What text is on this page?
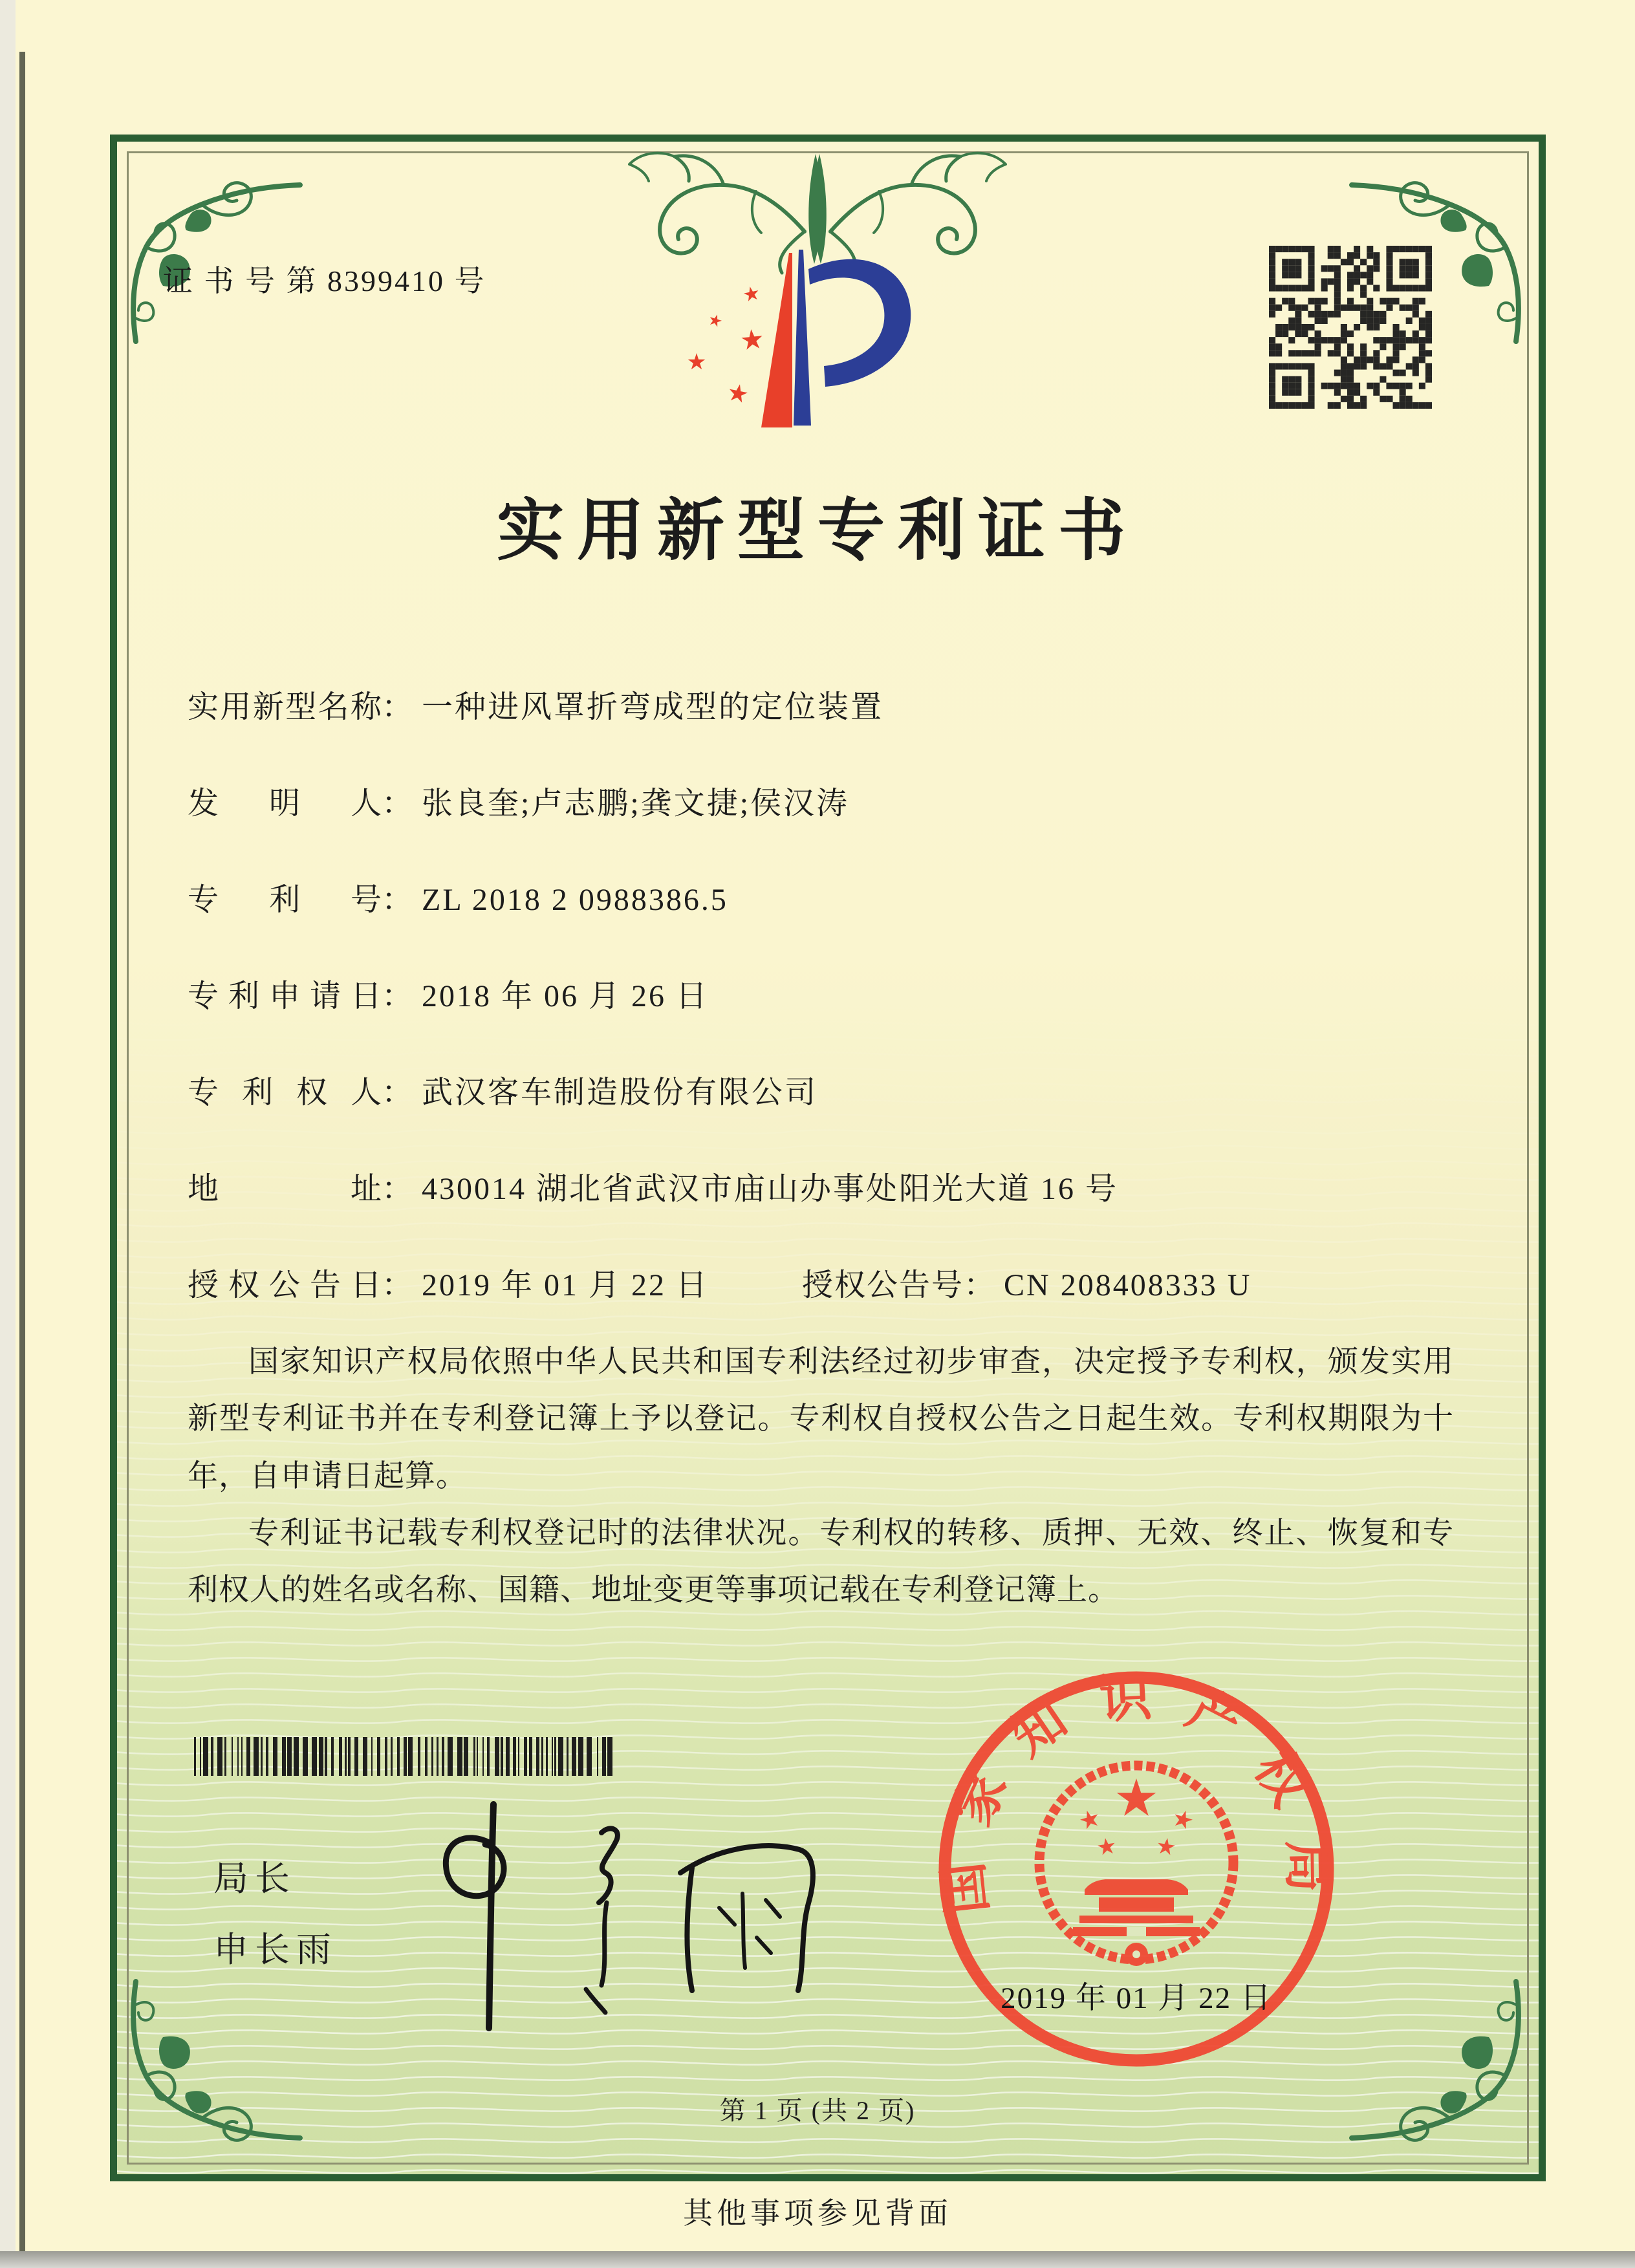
证 书 号 第 8399410 号
实用新型专利证书
实 用 新 型 名 称 ： 一种进风罩折弯成型的定位装置
发 明 人 ： 张良奎;卢志鹏;龚文捷;侯汉涛
专 利 号 ： ZL 2018 2 0988386.5
专 利 申 请 日 ： 2018 年 06 月 26 日
专 利 权 人 ： 武汉客车制造股份有限公司
地	址 ： 430014 湖北省武汉市庙山办事处阳光大道 16 号
授 权 公 告 日 ： 2019 年 01 月 22 日	授权公告号： CN 208408333 U

国家知识产权局依照中华人民共和国专利法经过初步审查，决定授予专利权，颁发实用新型专利证书并在专利登记簿上予以登记。专利权自授权公告之日起生效。专利权期限为十年，自申请日起算。

专利证书记载专利权登记时的法律状况。专利权的转移、质押、无效、终止、恢复和专利权人的姓名或名称、国籍、地址变更等事项记载在专利登记簿上。

局长
申长雨
国家知识产权局
2019 年 01 月 22 日
第 1 页 (共 2 页)
其他事项参见背面
